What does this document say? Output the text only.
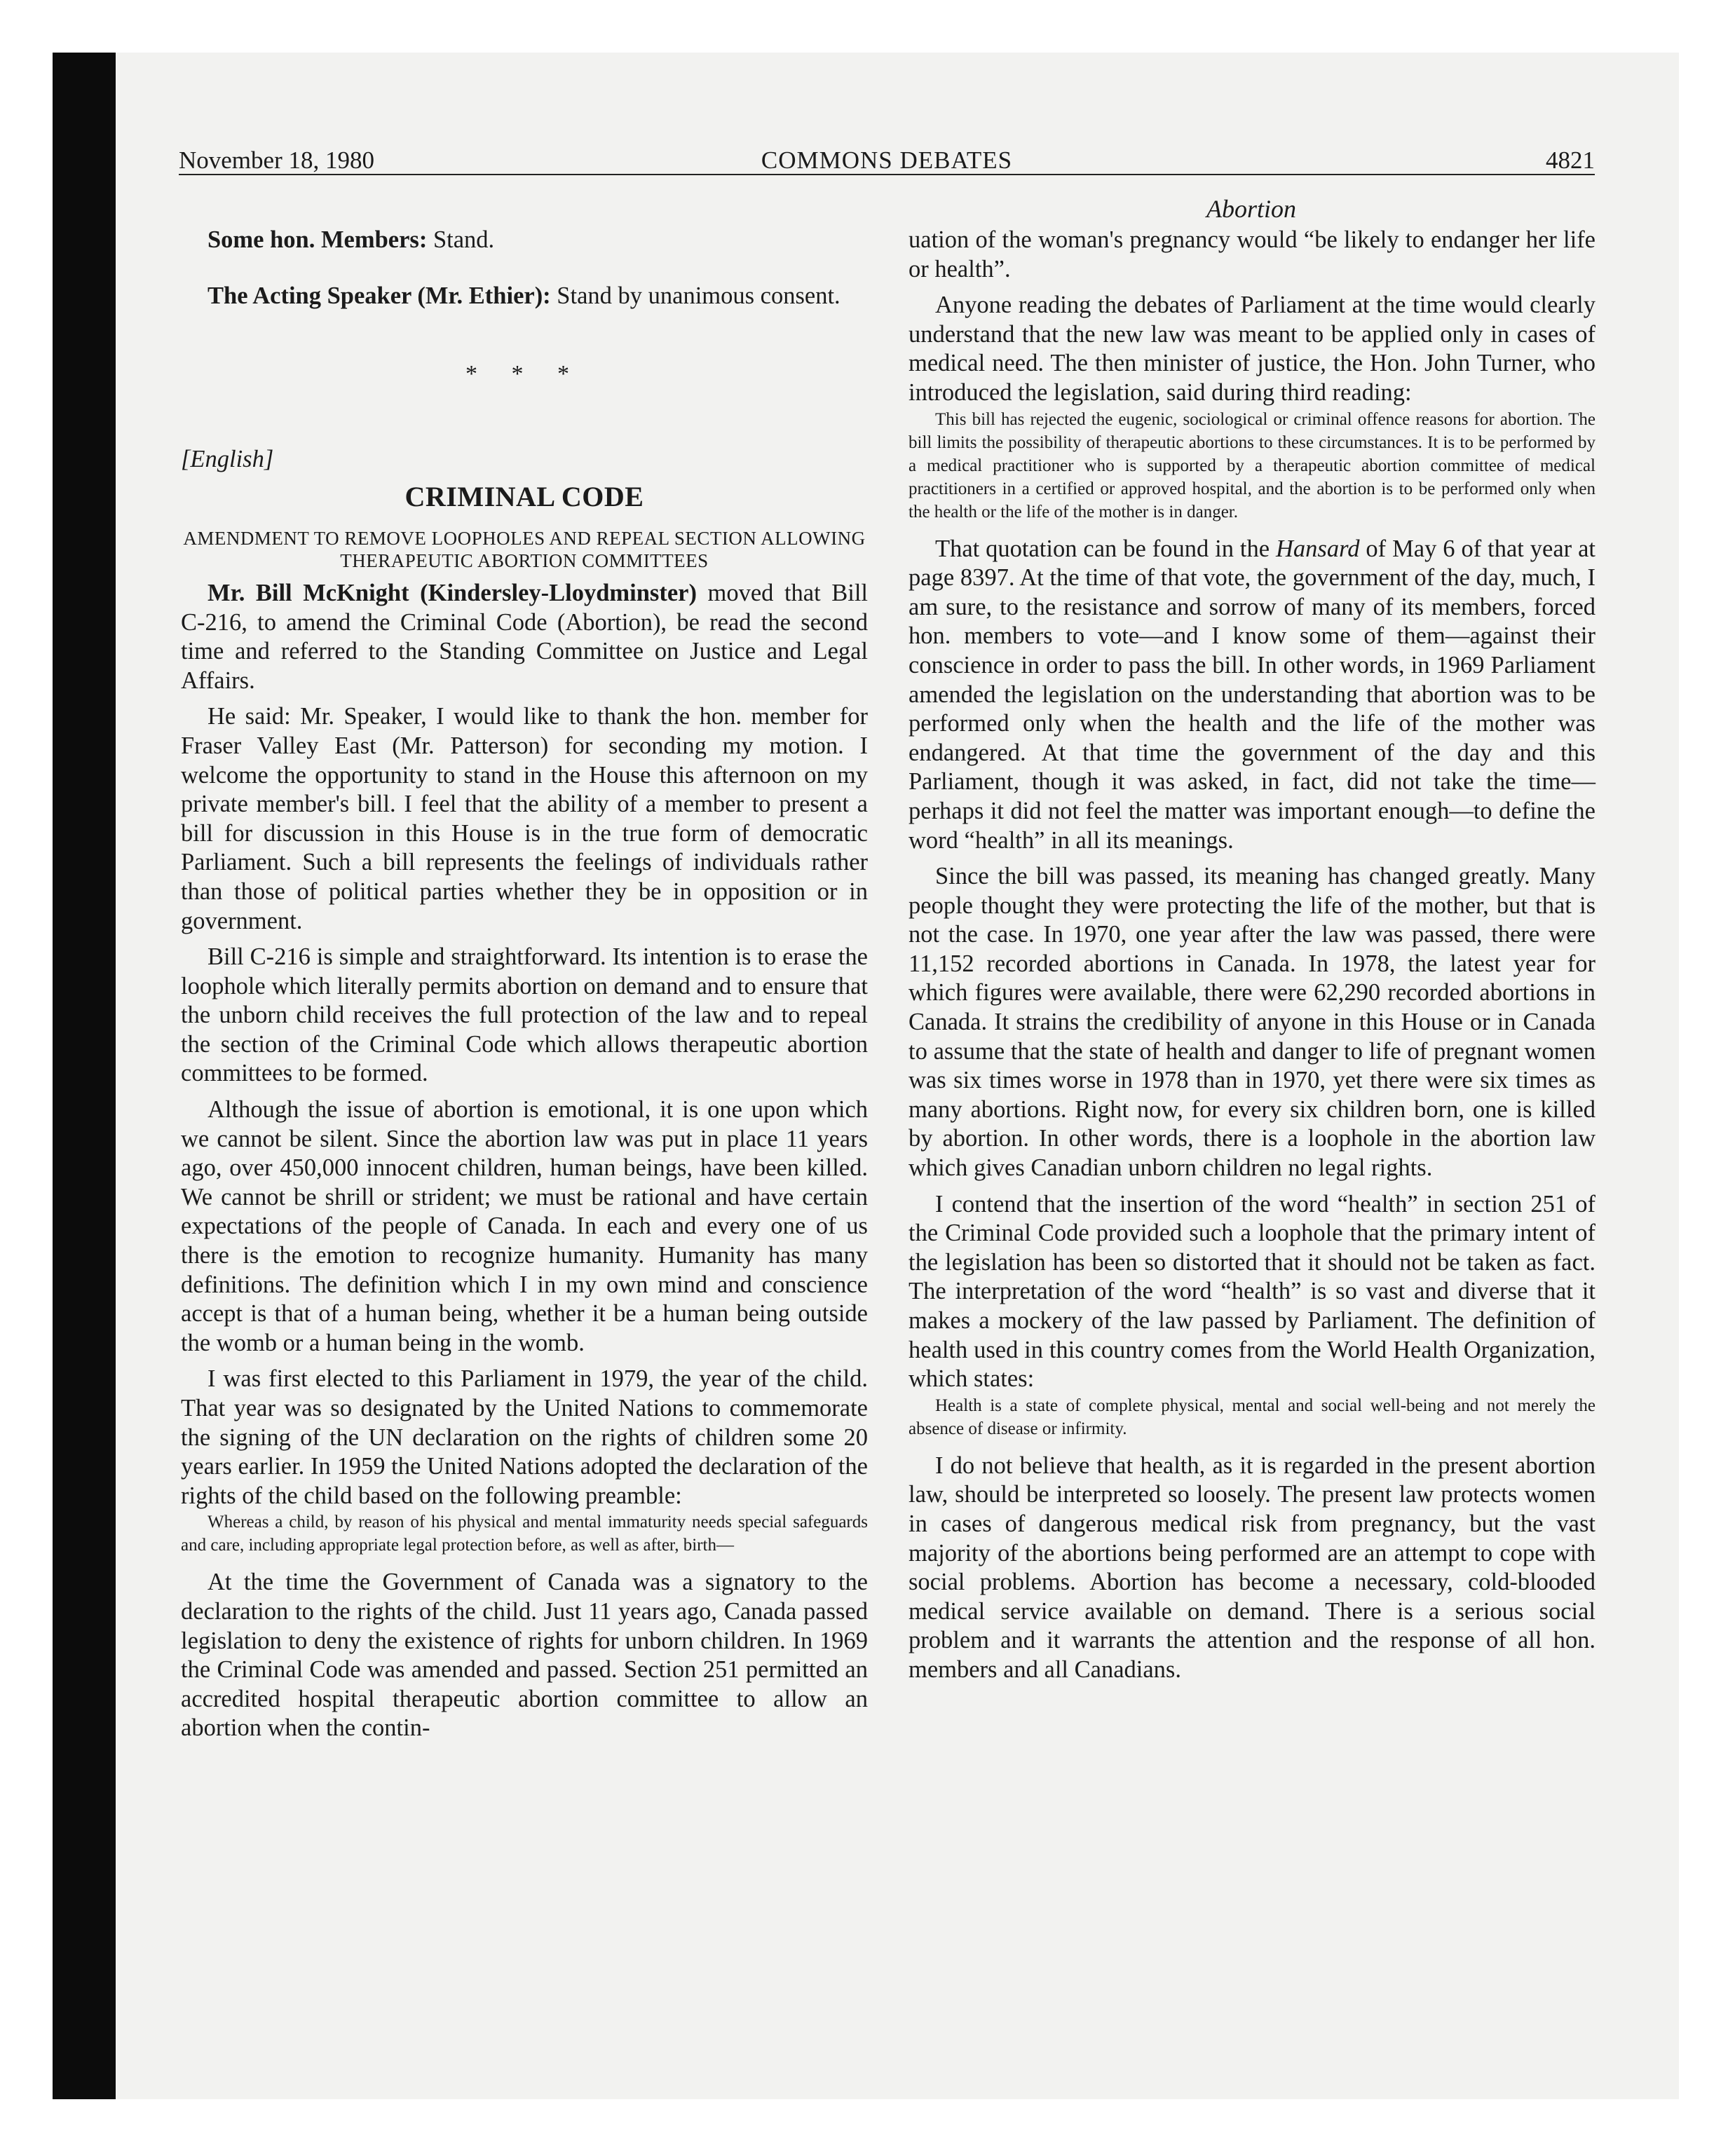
November 18, 1980	COMMONS DEBATES	4821
Abortion

Some hon. Members: Stand.

The Acting Speaker (Mr. Ethier): Stand by unanimous consent.

* * *
[English]
CRIMINAL CODE
AMENDMENT TO REMOVE LOOPHOLES AND REPEAL SECTION ALLOWING THERAPEUTIC ABORTION COMMITTEES

Mr. Bill McKnight (Kindersley-Lloydminster) moved that Bill C-216, to amend the Criminal Code (Abortion), be read the second time and referred to the Standing Committee on Justice and Legal Affairs.

He said: Mr. Speaker, I would like to thank the hon. member for Fraser Valley East (Mr. Patterson) for seconding my motion. I welcome the opportunity to stand in the House this afternoon on my private member's bill. I feel that the ability of a member to present a bill for discussion in this House is in the true form of democratic Parliament. Such a bill represents the feelings of individuals rather than those of political parties whether they be in opposition or in government.

Bill C-216 is simple and straightforward. Its intention is to erase the loophole which literally permits abortion on demand and to ensure that the unborn child receives the full protection of the law and to repeal the section of the Criminal Code which allows therapeutic abortion committees to be formed.

Although the issue of abortion is emotional, it is one upon which we cannot be silent. Since the abortion law was put in place 11 years ago, over 450,000 innocent children, human beings, have been killed. We cannot be shrill or strident; we must be rational and have certain expectations of the people of Canada. In each and every one of us there is the emotion to recognize humanity. Humanity has many definitions. The definition which I in my own mind and conscience accept is that of a human being, whether it be a human being outside the womb or a human being in the womb.

I was first elected to this Parliament in 1979, the year of the child. That year was so designated by the United Nations to commemorate the signing of the UN declaration on the rights of children some 20 years earlier. In 1959 the United Nations adopted the declaration of the rights of the child based on the following preamble:

Whereas a child, by reason of his physical and mental immaturity needs special safeguards and care, including appropriate legal protection before, as well as after, birth—

At the time the Government of Canada was a signatory to the declaration to the rights of the child. Just 11 years ago, Canada passed legislation to deny the existence of rights for unborn children. In 1969 the Criminal Code was amended and passed. Section 251 permitted an accredited hospital therapeutic abortion committee to allow an abortion when the contin-

uation of the woman's pregnancy would “be likely to endanger her life or health”.

Anyone reading the debates of Parliament at the time would clearly understand that the new law was meant to be applied only in cases of medical need. The then minister of justice, the Hon. John Turner, who introduced the legislation, said during third reading:

This bill has rejected the eugenic, sociological or criminal offence reasons for abortion. The bill limits the possibility of therapeutic abortions to these circumstances. It is to be performed by a medical practitioner who is supported by a therapeutic abortion committee of medical practitioners in a certified or approved hospital, and the abortion is to be performed only when the health or the life of the mother is in danger.

That quotation can be found in the Hansard of May 6 of that year at page 8397. At the time of that vote, the government of the day, much, I am sure, to the resistance and sorrow of many of its members, forced hon. members to vote—and I know some of them—against their conscience in order to pass the bill. In other words, in 1969 Parliament amended the legislation on the understanding that abortion was to be performed only when the health and the life of the mother was endangered. At that time the government of the day and this Parliament, though it was asked, in fact, did not take the time—perhaps it did not feel the matter was important enough—to define the word “health” in all its meanings.

Since the bill was passed, its meaning has changed greatly. Many people thought they were protecting the life of the mother, but that is not the case. In 1970, one year after the law was passed, there were 11,152 recorded abortions in Canada. In 1978, the latest year for which figures were available, there were 62,290 recorded abortions in Canada. It strains the credibility of anyone in this House or in Canada to assume that the state of health and danger to life of pregnant women was six times worse in 1978 than in 1970, yet there were six times as many abortions. Right now, for every six children born, one is killed by abortion. In other words, there is a loophole in the abortion law which gives Canadian unborn children no legal rights.

I contend that the insertion of the word “health” in section 251 of the Criminal Code provided such a loophole that the primary intent of the legislation has been so distorted that it should not be taken as fact. The interpretation of the word “health” is so vast and diverse that it makes a mockery of the law passed by Parliament. The definition of health used in this country comes from the World Health Organization, which states:

Health is a state of complete physical, mental and social well-being and not merely the absence of disease or infirmity.

I do not believe that health, as it is regarded in the present abortion law, should be interpreted so loosely. The present law protects women in cases of dangerous medical risk from pregnancy, but the vast majority of the abortions being performed are an attempt to cope with social problems. Abortion has become a necessary, cold-blooded medical service available on demand. There is a serious social problem and it warrants the attention and the response of all hon. members and all Canadians.
